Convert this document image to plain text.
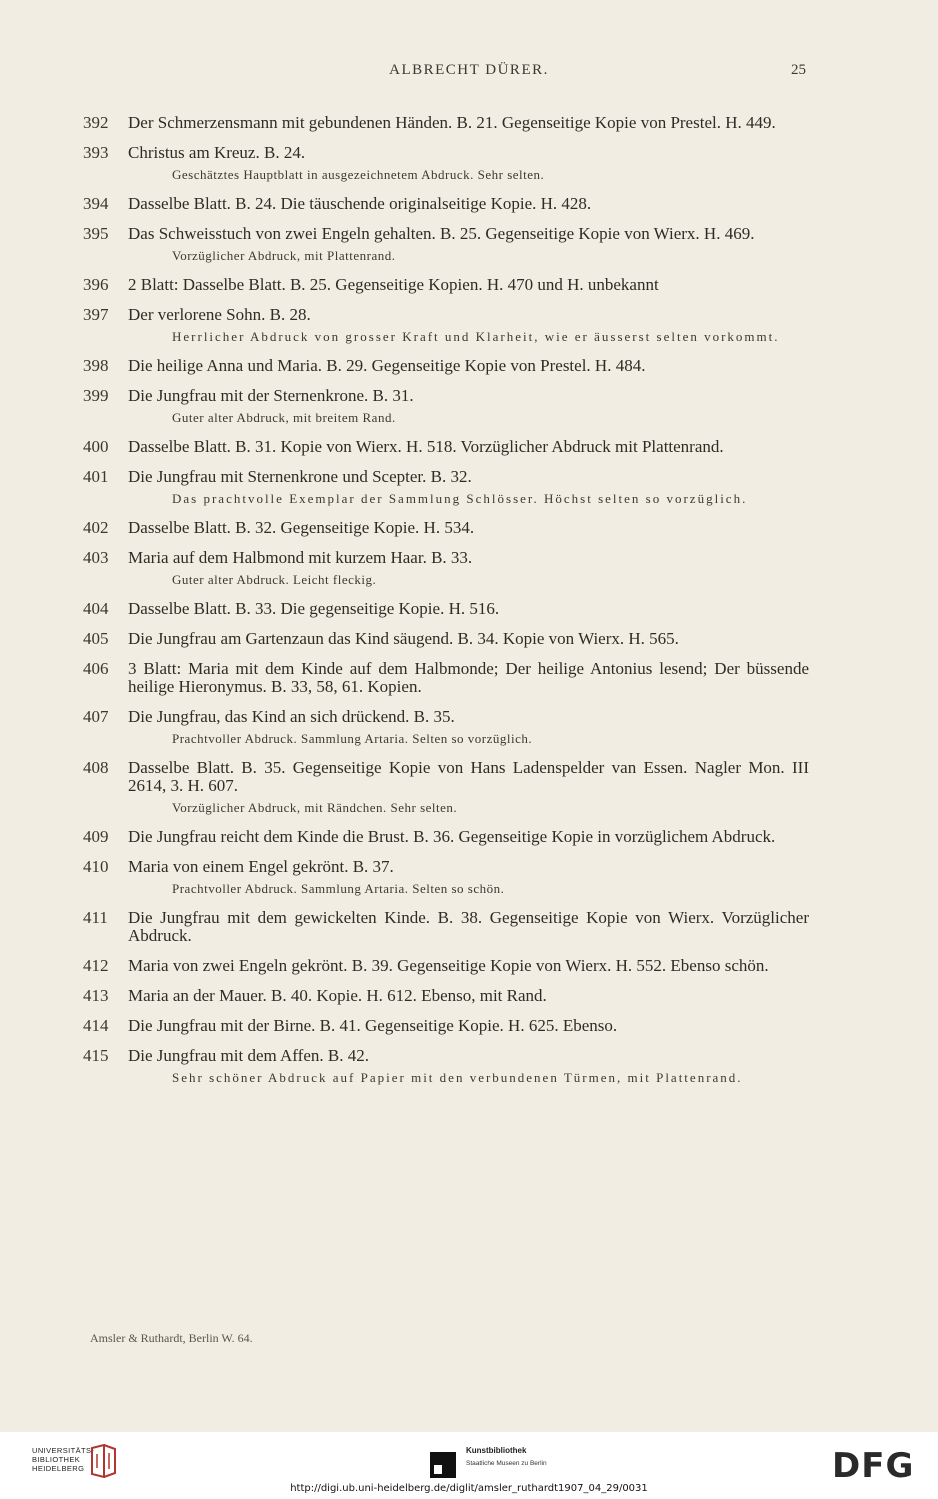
ALBRECHT DÜRER.	25
392	Der Schmerzensmann mit gebundenen Händen. B. 21. Gegenseitige Kopie von Prestel. H. 449.
393	Christus am Kreuz. B. 24.
Geschätztes Hauptblatt in ausgezeichnetem Abdruck. Sehr selten.
394	Dasselbe Blatt. B. 24. Die täuschende originalseitige Kopie. H. 428.
395	Das Schweisstuch von zwei Engeln gehalten. B. 25. Gegenseitige Kopie von Wierx. H. 469.
Vorzüglicher Abdruck, mit Plattenrand.
396	2 Blatt: Dasselbe Blatt. B. 25. Gegenseitige Kopien. H. 470 und H. unbekannt
397	Der verlorene Sohn. B. 28.
Herrlicher Abdruck von grosser Kraft und Klarheit, wie er äusserst selten vorkommt.
398	Die heilige Anna und Maria. B. 29. Gegenseitige Kopie von Prestel. H. 484.
399	Die Jungfrau mit der Sternenkrone. B. 31.
Guter alter Abdruck, mit breitem Rand.
400	Dasselbe Blatt. B. 31. Kopie von Wierx. H. 518. Vorzüglicher Abdruck mit Plattenrand.
401	Die Jungfrau mit Sternenkrone und Scepter. B. 32.
Das prachtvolle Exemplar der Sammlung Schlösser. Höchst selten so vorzüglich.
402	Dasselbe Blatt. B. 32. Gegenseitige Kopie. H. 534.
403	Maria auf dem Halbmond mit kurzem Haar. B. 33.
Guter alter Abdruck. Leicht fleckig.
404	Dasselbe Blatt. B. 33. Die gegenseitige Kopie. H. 516.
405	Die Jungfrau am Gartenzaun das Kind säugend. B. 34. Kopie von Wierx. H. 565.
406	3 Blatt: Maria mit dem Kinde auf dem Halbmonde; Der heilige Antonius lesend; Der büssende heilige Hieronymus. B. 33, 58, 61. Kopien.
407	Die Jungfrau, das Kind an sich drückend. B. 35.
Prachtvoller Abdruck. Sammlung Artaria. Selten so vorzüglich.
408	Dasselbe Blatt. B. 35. Gegenseitige Kopie von Hans Ladenspelder van Essen. Nagler Mon. III 2614, 3. H. 607.
Vorzüglicher Abdruck, mit Rändchen. Sehr selten.
409	Die Jungfrau reicht dem Kinde die Brust. B. 36. Gegenseitige Kopie in vorzüglichem Abdruck.
410	Maria von einem Engel gekrönt. B. 37.
Prachtvoller Abdruck. Sammlung Artaria. Selten so schön.
411	Die Jungfrau mit dem gewickelten Kinde. B. 38. Gegenseitige Kopie von Wierx. Vorzüglicher Abdruck.
412	Maria von zwei Engeln gekrönt. B. 39. Gegenseitige Kopie von Wierx. H. 552. Ebenso schön.
413	Maria an der Mauer. B. 40. Kopie. H. 612. Ebenso, mit Rand.
414	Die Jungfrau mit der Birne. B. 41. Gegenseitige Kopie. H. 625. Ebenso.
415	Die Jungfrau mit dem Affen. B. 42.
Sehr schöner Abdruck auf Papier mit den verbundenen Türmen, mit Plattenrand.
Amsler & Ruthardt, Berlin W. 64.
UNIVERSITÄTS-
BIBLIOTHEK
HEIDELBERG
Kunstbibliothek
Staatliche Museen zu Berlin	DFG
http://digi.ub.uni-heidelberg.de/diglit/amsler_ruthardt1907_04_29/0031
